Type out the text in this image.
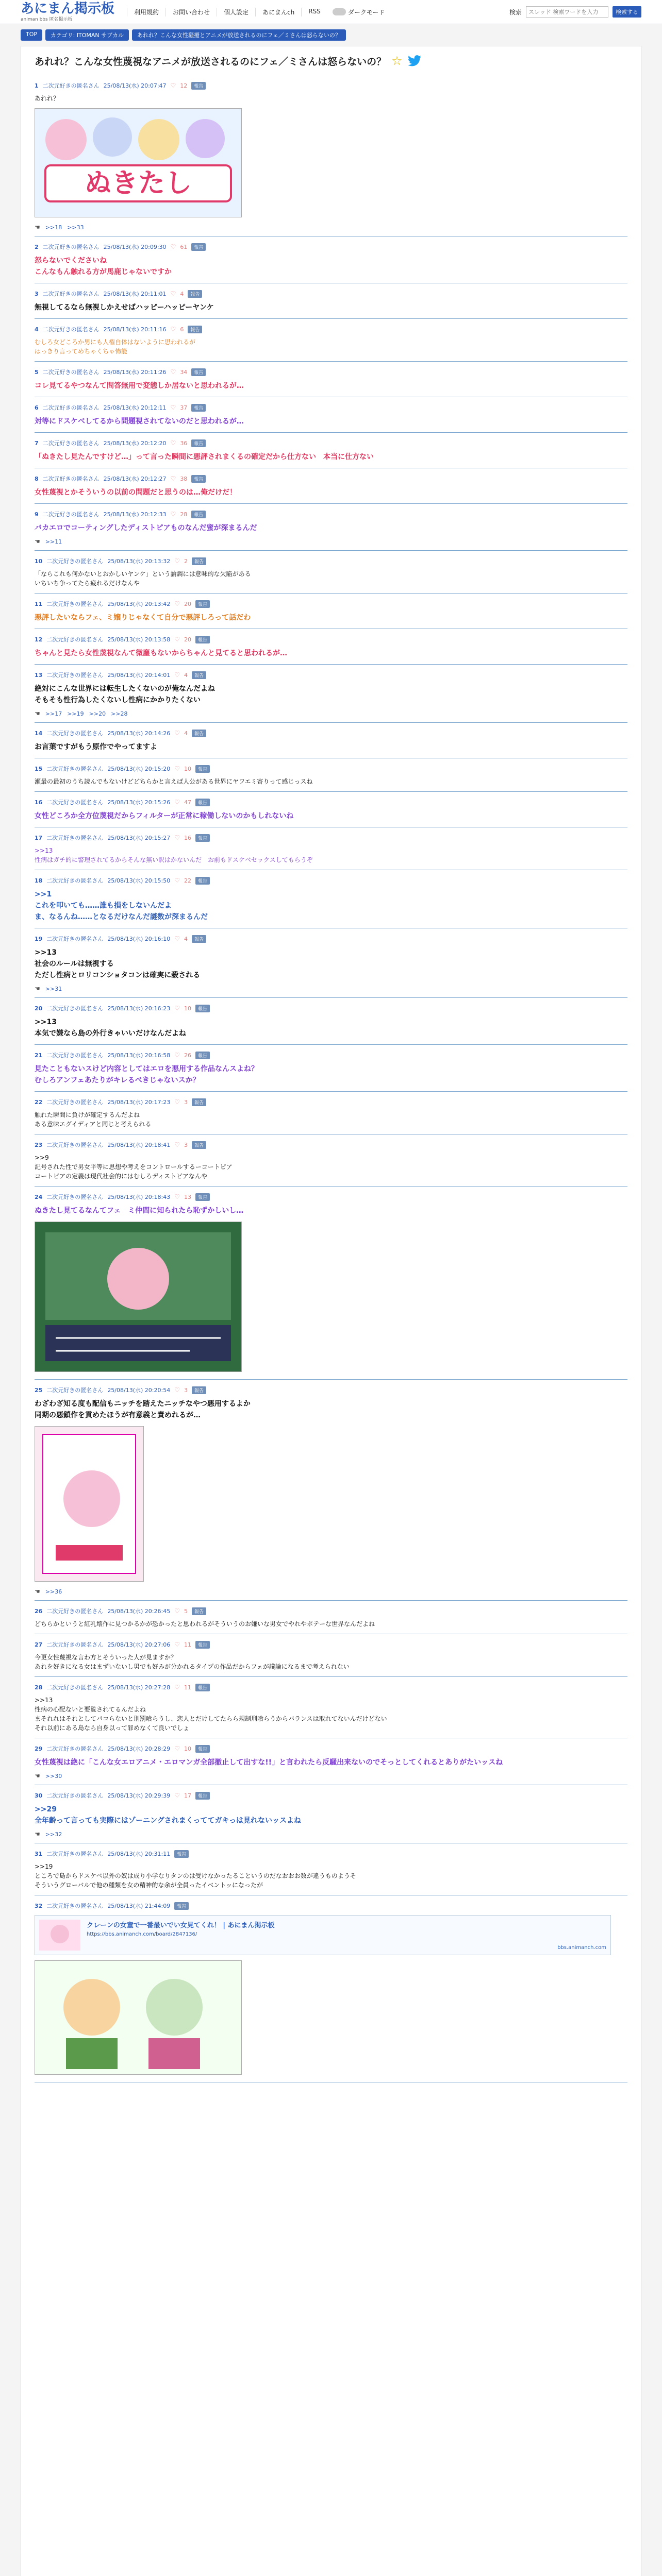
あにまん掲示板
animan bbs 匿名掲示板
利用規約	お問い合わせ	個人設定	あにまんch	RSS	ダークモード	検索
スレッド 検索ワードを入力	検索する
TOP	カテゴリ: ITOMAN サブカル	あれれ？こんな女性騒擾とアニメが放送されるのにフェ／ミさんは怒らないの？
あれれ？こんな女性蔑視なアニメが放送されるのにフェ／ミさんは怒らないの？ ☆
1 二次元好きの匿名さん 25/08/13(水) 20:07:47 ♡ 12	報告
あれれ？
ぬきたし
☚ >>18 >>33
2 二次元好きの匿名さん 25/08/13(水) 20:09:30 ♡ 61	報告
怒らないでくださいね
こんなもん触れる方が馬鹿じゃないですか
3 二次元好きの匿名さん 25/08/13(水) 20:11:01 ♡ 4	報告
無視してるなら無視しかえせばハッピーハッピーヤンケ
4 二次元好きの匿名さん 25/08/13(水) 20:11:16 ♡ 6	報告
むしろ女どころか男にも人権自体はないように思われるが
はっきり言ってめちゃくちゃ怖能
5 二次元好きの匿名さん 25/08/13(水) 20:11:26 ♡ 34	報告
コレ見てるやつなんて問答無用で変態しか居ないと思われるが…
6 二次元好きの匿名さん 25/08/13(水) 20:12:11 ♡ 37	報告
対等にドスケベしてるから問題視されてないのだと思われるが…
7 二次元好きの匿名さん 25/08/13(水) 20:12:20 ♡ 36	報告
「ぬきたし見たんですけど…」って言った瞬間に悪評されまくるの確定だから仕方ない　本当に仕方ない
8 二次元好きの匿名さん 25/08/13(水) 20:12:27 ♡ 38	報告
女性蔑視とかそういうの以前の問題だと思うのは…俺だけだ！
9 二次元好きの匿名さん 25/08/13(水) 20:12:33 ♡ 28	報告
バカエロでコーティングしたディストピアものなんだ蜜が深まるんだ
☚ >>11
10 二次元好きの匿名さん 25/08/13(水) 20:13:32 ♡ 2	報告
「ならこれも何かないとおかしいヤンケ」という論調には意味的な欠陥がある
いちいち争ってたら疲れるだけなんや
11 二次元好きの匿名さん 25/08/13(水) 20:13:42 ♡ 20	報告
悪評したいならフェ、ミ嬢りじゃなくて自分で悪評しろって話だわ
12 二次元好きの匿名さん 25/08/13(水) 20:13:58 ♡ 20	報告
ちゃんと見たら女性蔑視なんて微塵もないからちゃんと見てると思われるが…
13 二次元好きの匿名さん 25/08/13(水) 20:14:01 ♡ 4	報告
絶対にこんな世界には転生したくないのが俺なんだよね
そもそも性行為したくないし性病にかかりたくない
☚ >>17 >>19 >>20 >>28
14 二次元好きの匿名さん 25/08/13(水) 20:14:26 ♡ 4	報告
お言葉ですがもう原作でやってますよ
15 二次元好きの匿名さん 25/08/13(水) 20:15:20 ♡ 10	報告
瀬最の最初のうち読んでもないけどどちらかと言えば人公がある世界にヤフエミ寄りって感じっスね
16 二次元好きの匿名さん 25/08/13(水) 20:15:26 ♡ 47	報告
女性どころか全方位蔑視だからフィルターが正常に稼働しないのかもしれないね
17 二次元好きの匿名さん 25/08/13(水) 20:15:27 ♡ 16	報告
>>13
性病はガチ的に警理されてるからそんな無い訳はかないんだ　お前もドスケベセックスしてもらうぞ
18 二次元好きの匿名さん 25/08/13(水) 20:15:50 ♡ 22	報告
>>1
これを叩いても……誰も損をしないんだよ
ま、なるんね……となるだけなんだ謎数が深まるんだ
19 二次元好きの匿名さん 25/08/13(水) 20:16:10 ♡ 4	報告
>>13
社会のルールは無視する
ただし性病とロリコンショタコンは確実に殺される
☚ >>31
20 二次元好きの匿名さん 25/08/13(水) 20:16:23 ♡ 10	報告
>>13
本気で嫌なら島の外行きゃいいだけなんだよね
21 二次元好きの匿名さん 25/08/13(水) 20:16:58 ♡ 26	報告
見たこともないスけど内容としてはエロを悪用する作品なんスよね？
むしろアンフェあたりがキレるべきじゃないスか？
22 二次元好きの匿名さん 25/08/13(水) 20:17:23 ♡ 3	報告
触れた瞬間に負けが確定するんだよね
ある意味エグイディアと同じと考えられる
23 二次元好きの匿名さん 25/08/13(水) 20:18:41 ♡ 3	報告
>>9
記号された性で男女平等に思想や考えをコントロールするーコートピア
コートピアの定義は現代社会的にはむしろディストピアなんや
24 二次元好きの匿名さん 25/08/13(水) 20:18:43 ♡ 13	報告
ぬきたし見てるなんてフェ　ミ仲間に知られたら恥ずかしいし…
25 二次元好きの匿名さん 25/08/13(水) 20:20:54 ♡ 3	報告
わざわざ知る度も配信もニッチを踏えたニッチなやつ悪用するよか
同期の悪鎖作を貢めたほうが有意義と責めれるが…
☚ >>36
26 二次元好きの匿名さん 25/08/13(水) 20:26:45 ♡ 5	報告
どちらかというと紅乳壊作に見つかるかが恐かったと思われるがそういうのお嫌いな男女でやれやポテーな世界なんだよね
27 二次元好きの匿名さん 25/08/13(水) 20:27:06 ♡ 11	報告
今更女性蔑視な言わ方とそういった人が見ますか？
あれを好きになる女はまずいないし男でも好みが分かれるタイプの作品だからフェが議論になるまで考えられない
28 二次元好きの匿名さん 25/08/13(水) 20:27:28 ♡ 11	報告
>>13
性病の心配ないと要覧されてるんだよね
まそれれはそれとしてパコらないと刑罰喰らうし、恋人とだけしてたらら規制刑喰らうからバランスは取れてないんだけどない
それ以前にある島なら自身以って罪めなくて良いでしょ
29 二次元好きの匿名さん 25/08/13(水) 20:28:29 ♡ 10	報告
女性蔑視は絶に「こんな女エロアニメ・エロマンガ全部撤止して出すな!!」と言われたら反騒出来ないのでそっとしてくれるとありがたいッスね
☚ >>30
30 二次元好きの匿名さん 25/08/13(水) 20:29:39 ♡ 17	報告
>>29
全年齢って言っても実際にはゾーニングされまくっててガキっは見れないッスよね
☚ >>32
31 二次元好きの匿名さん 25/08/13(水) 20:31:11	報告
>>19
ところで島からドスケベ以外の奴は成り小学なりタンのは受けなかったるこというのだなおおお数が違うものようそ
そういうグローバルで他の種類を女の精神的な余が全員ったイベントッになったが
32 二次元好きの匿名さん 25/08/13(水) 21:44:09	報告
クレーンの女童で一番最いでい女見てくれ！ | あにまん掲示板
https://bbs.animanch.com/board/2847136/
bbs.animanch.com
